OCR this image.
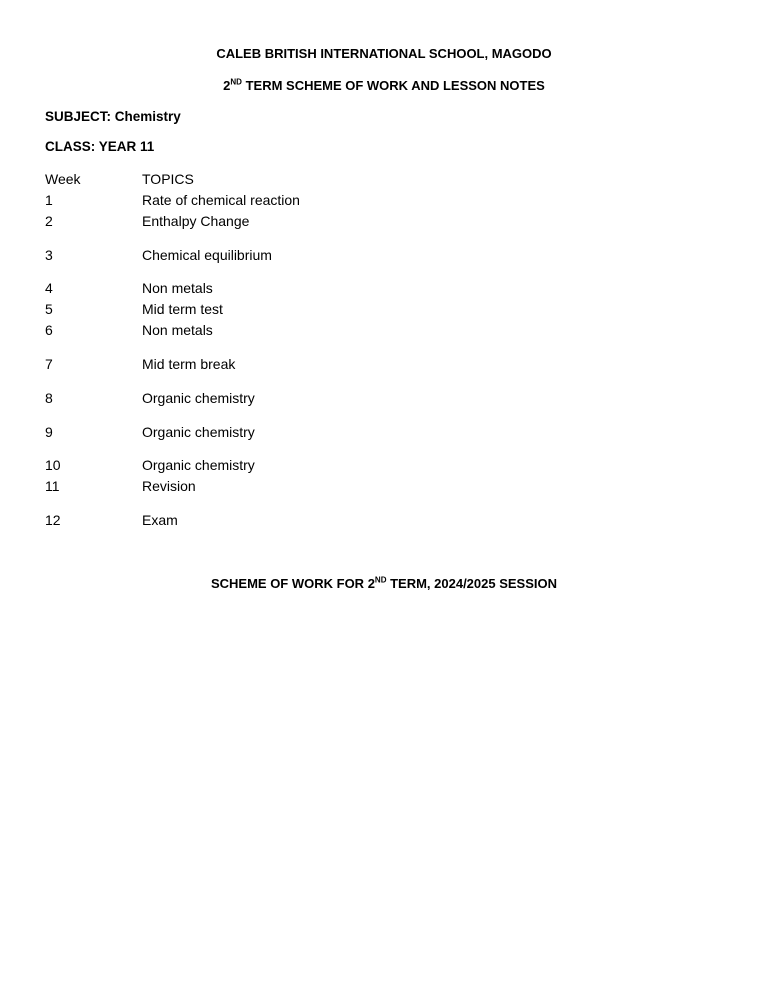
CALEB BRITISH INTERNATIONAL SCHOOL, MAGODO
2ND TERM SCHEME OF WORK AND LESSON NOTES
SUBJECT: Chemistry
CLASS: YEAR 11
Week	TOPICS
1	Rate of chemical reaction
2	Enthalpy Change
3	Chemical equilibrium
4	Non metals
5	Mid term test
6	Non metals
7	Mid term break
8	Organic chemistry
9	Organic chemistry
10	Organic chemistry
11	Revision
12	Exam
SCHEME OF WORK FOR 2ND TERM, 2024/2025 SESSION
